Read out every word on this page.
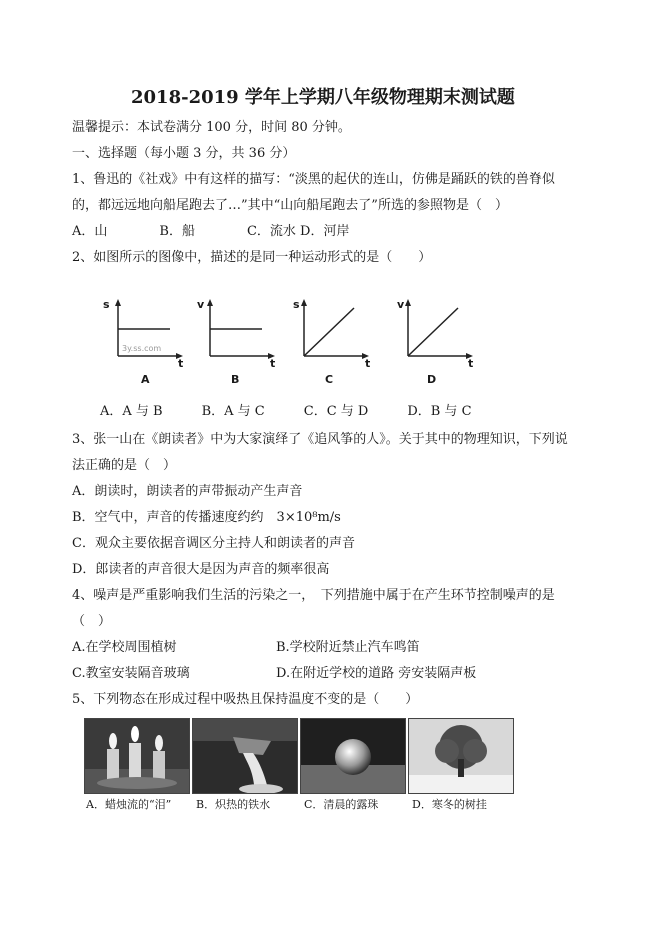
2018-2019 学年上学期八年级物理期末测试题
温馨提示：本试卷满分 100 分，时间 80 分钟。
一、选择题（每小题 3 分，共 36 分）
1、鲁迅的《社戏》中有这样的描写：“淡黑的起伏的连山，仿佛是踊跃的铁的兽脊似
的，都远远地向船尾跑去了…”其中“山向船尾跑去了”所选的参照物是（　）
A．山　　　　B．船　　　　C．流水 D．河岸
2、如图所示的图像中，描述的是同一种运动形式的是（　　）
s
t
A
3y.ss.com
v
t
B
s
t
C
v
t
D
A．A 与 B　　　B．A 与 C　　　C．C 与 D　　　D．B 与 C
3、张一山在《朗读者》中为大家演绎了《追风筝的人》。关于其中的物理知识，下列说
法正确的是（　）
A．朗读时，朗读者的声带振动产生声音
B．空气中，声音的传播速度约约　3×10⁸m/s
C．观众主要依据音调区分主持人和朗读者的声音
D．郎读者的声音很大是因为声音的频率很高
4、噪声是严重影响我们生活的污染之一，　下列措施中属于在产生环节控制噪声的是
（　）
A.在学校周围植树	B.学校附近禁止汽车鸣笛
C.教室安装隔音玻璃	D.在附近学校的道路 旁安装隔声板
5、下列物态在形成过程中吸热且保持温度不变的是（　　）
A．蜡烛流的“泪” B．炽热的铁水	C．清晨的露珠	D．寒冬的树挂
